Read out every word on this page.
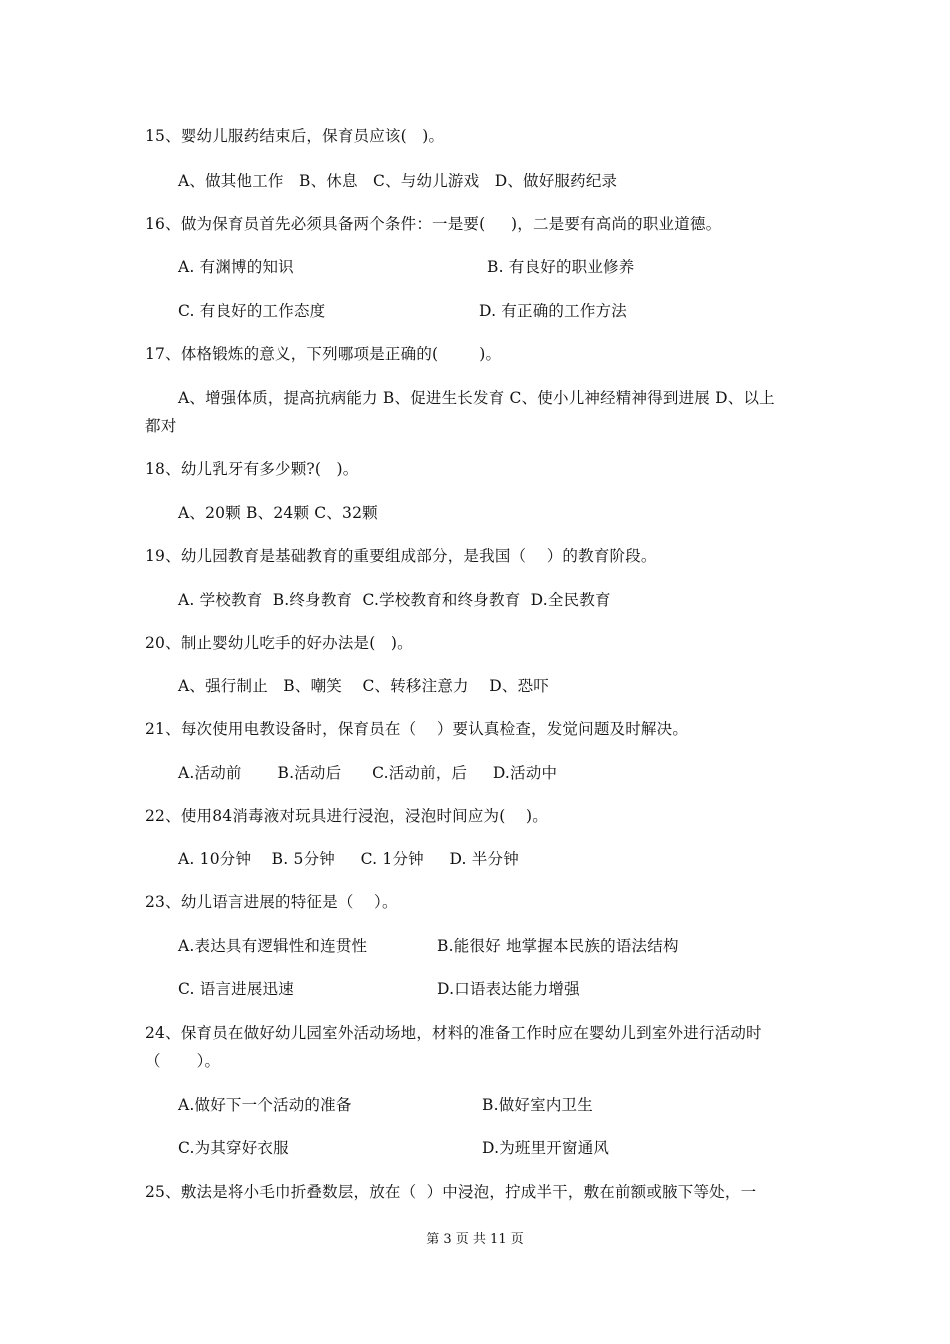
15、婴幼儿服药结束后，保育员应该(   )。
A、做其他工作   B、休息   C、与幼儿游戏   D、做好服药纪录
16、做为保育员首先必须具备两个条件：一是要(     )，二是要有高尚的职业道德。
A. 有渊博的知识	B. 有良好的职业修养
C. 有良好的工作态度	D. 有正确的工作方法
17、体格锻炼的意义，下列哪项是正确的(        )。
A、增强体质，提高抗病能力 B、促进生长发育 C、使小儿神经精神得到进展 D、以上
都对
18、幼儿乳牙有多少颗?(   )。
A、20颗 B、24颗 C、32颗
19、幼儿园教育是基础教育的重要组成部分，是我国（    ）的教育阶段。
A. 学校教育  B.终身教育  C.学校教育和终身教育  D.全民教育
20、制止婴幼儿吃手的好办法是(   )。
A、强行制止   B、嘲笑    C、转移注意力    D、恐吓
21、每次使用电教设备时，保育员在（    ）要认真检查，发觉问题及时解决。
A.活动前       B.活动后      C.活动前，后     D.活动中
22、使用84消毒液对玩具进行浸泡，浸泡时间应为(    )。
A. 10分钟    B. 5分钟     C. 1分钟     D. 半分钟
23、幼儿语言进展的特征是（    ）。
A.表达具有逻辑性和连贯性	B.能很好 地掌握本民族的语法结构
C. 语言进展迅速	D.口语表达能力增强
24、保育员在做好幼儿园室外活动场地，材料的准备工作时应在婴幼儿到室外进行活动时
（       ）。
A.做好下一个活动的准备	B.做好室内卫生
C.为其穿好衣服	D.为班里开窗通风
25、敷法是将小毛巾折叠数层，放在（  ）中浸泡，拧成半干，敷在前额或腋下等处，一
第 3 页 共 11 页
